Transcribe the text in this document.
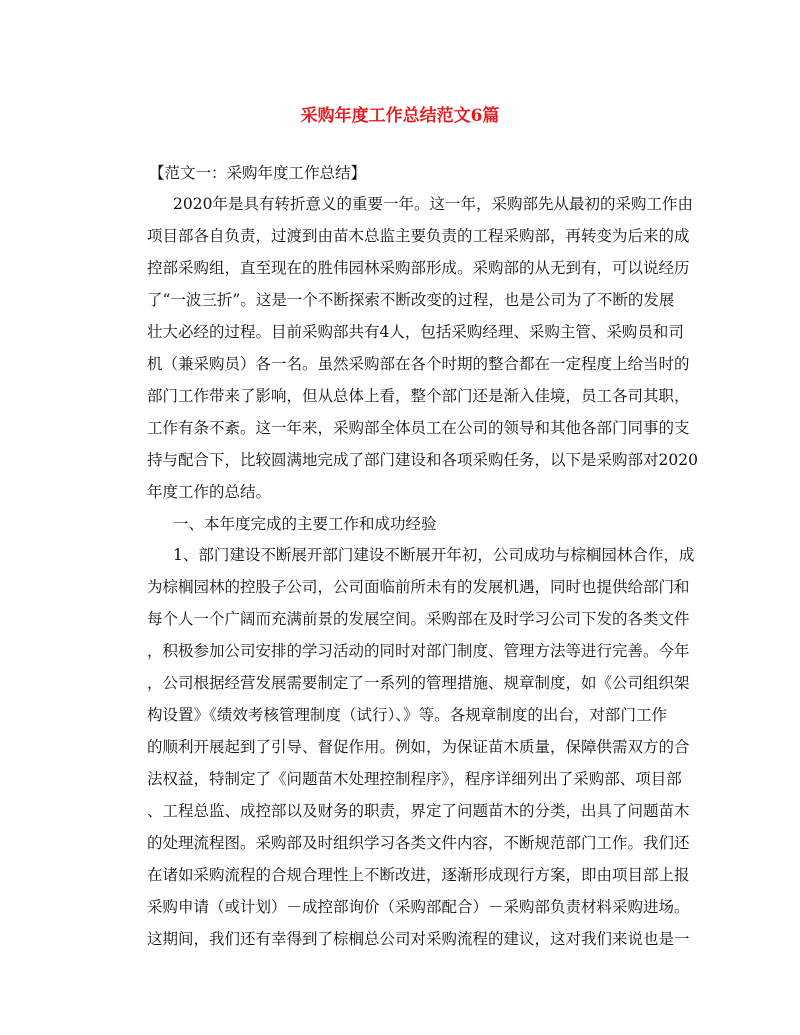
采购年度工作总结范文6篇

【范文一：采购年度工作总结】

2020年是具有转折意义的重要一年。这一年，采购部先从最初的采购工作由

项目部各自负责，过渡到由苗木总监主要负责的工程采购部，再转变为后来的成

控部采购组，直至现在的胜伟园林采购部形成。采购部的从无到有，可以说经历

了“一波三折”。这是一个不断探索不断改变的过程，也是公司为了不断的发展

壮大必经的过程。目前采购部共有4人，包括采购经理、采购主管、采购员和司

机（兼采购员）各一名。虽然采购部在各个时期的整合都在一定程度上给当时的

部门工作带来了影响，但从总体上看，整个部门还是渐入佳境，员工各司其职，

工作有条不紊。这一年来，采购部全体员工在公司的领导和其他各部门同事的支

持与配合下，比较圆满地完成了部门建设和各项采购任务，以下是采购部对2020

年度工作的总结。

一、本年度完成的主要工作和成功经验

1、部门建设不断展开部门建设不断展开年初，公司成功与棕榈园林合作，成

为棕榈园林的控股子公司，公司面临前所未有的发展机遇，同时也提供给部门和

每个人一个广阔而充满前景的发展空间。采购部在及时学习公司下发的各类文件

，积极参加公司安排的学习活动的同时对部门制度、管理方法等进行完善。今年

，公司根据经营发展需要制定了一系列的管理措施、规章制度，如《公司组织架

构设置》《绩效考核管理制度（试行）、》等。各规章制度的出台，对部门工作

的顺利开展起到了引导、督促作用。例如，为保证苗木质量，保障供需双方的合

法权益，特制定了《问题苗木处理控制程序》，程序详细列出了采购部、项目部

、工程总监、成控部以及财务的职责，界定了问题苗木的分类，出具了问题苗木

的处理流程图。采购部及时组织学习各类文件内容，不断规范部门工作。我们还

在诸如采购流程的合规合理性上不断改进，逐渐形成现行方案，即由项目部上报

采购申请（或计划）－成控部询价（采购部配合）－采购部负责材料采购进场。

这期间，我们还有幸得到了棕榈总公司对采购流程的建议，这对我们来说也是一
